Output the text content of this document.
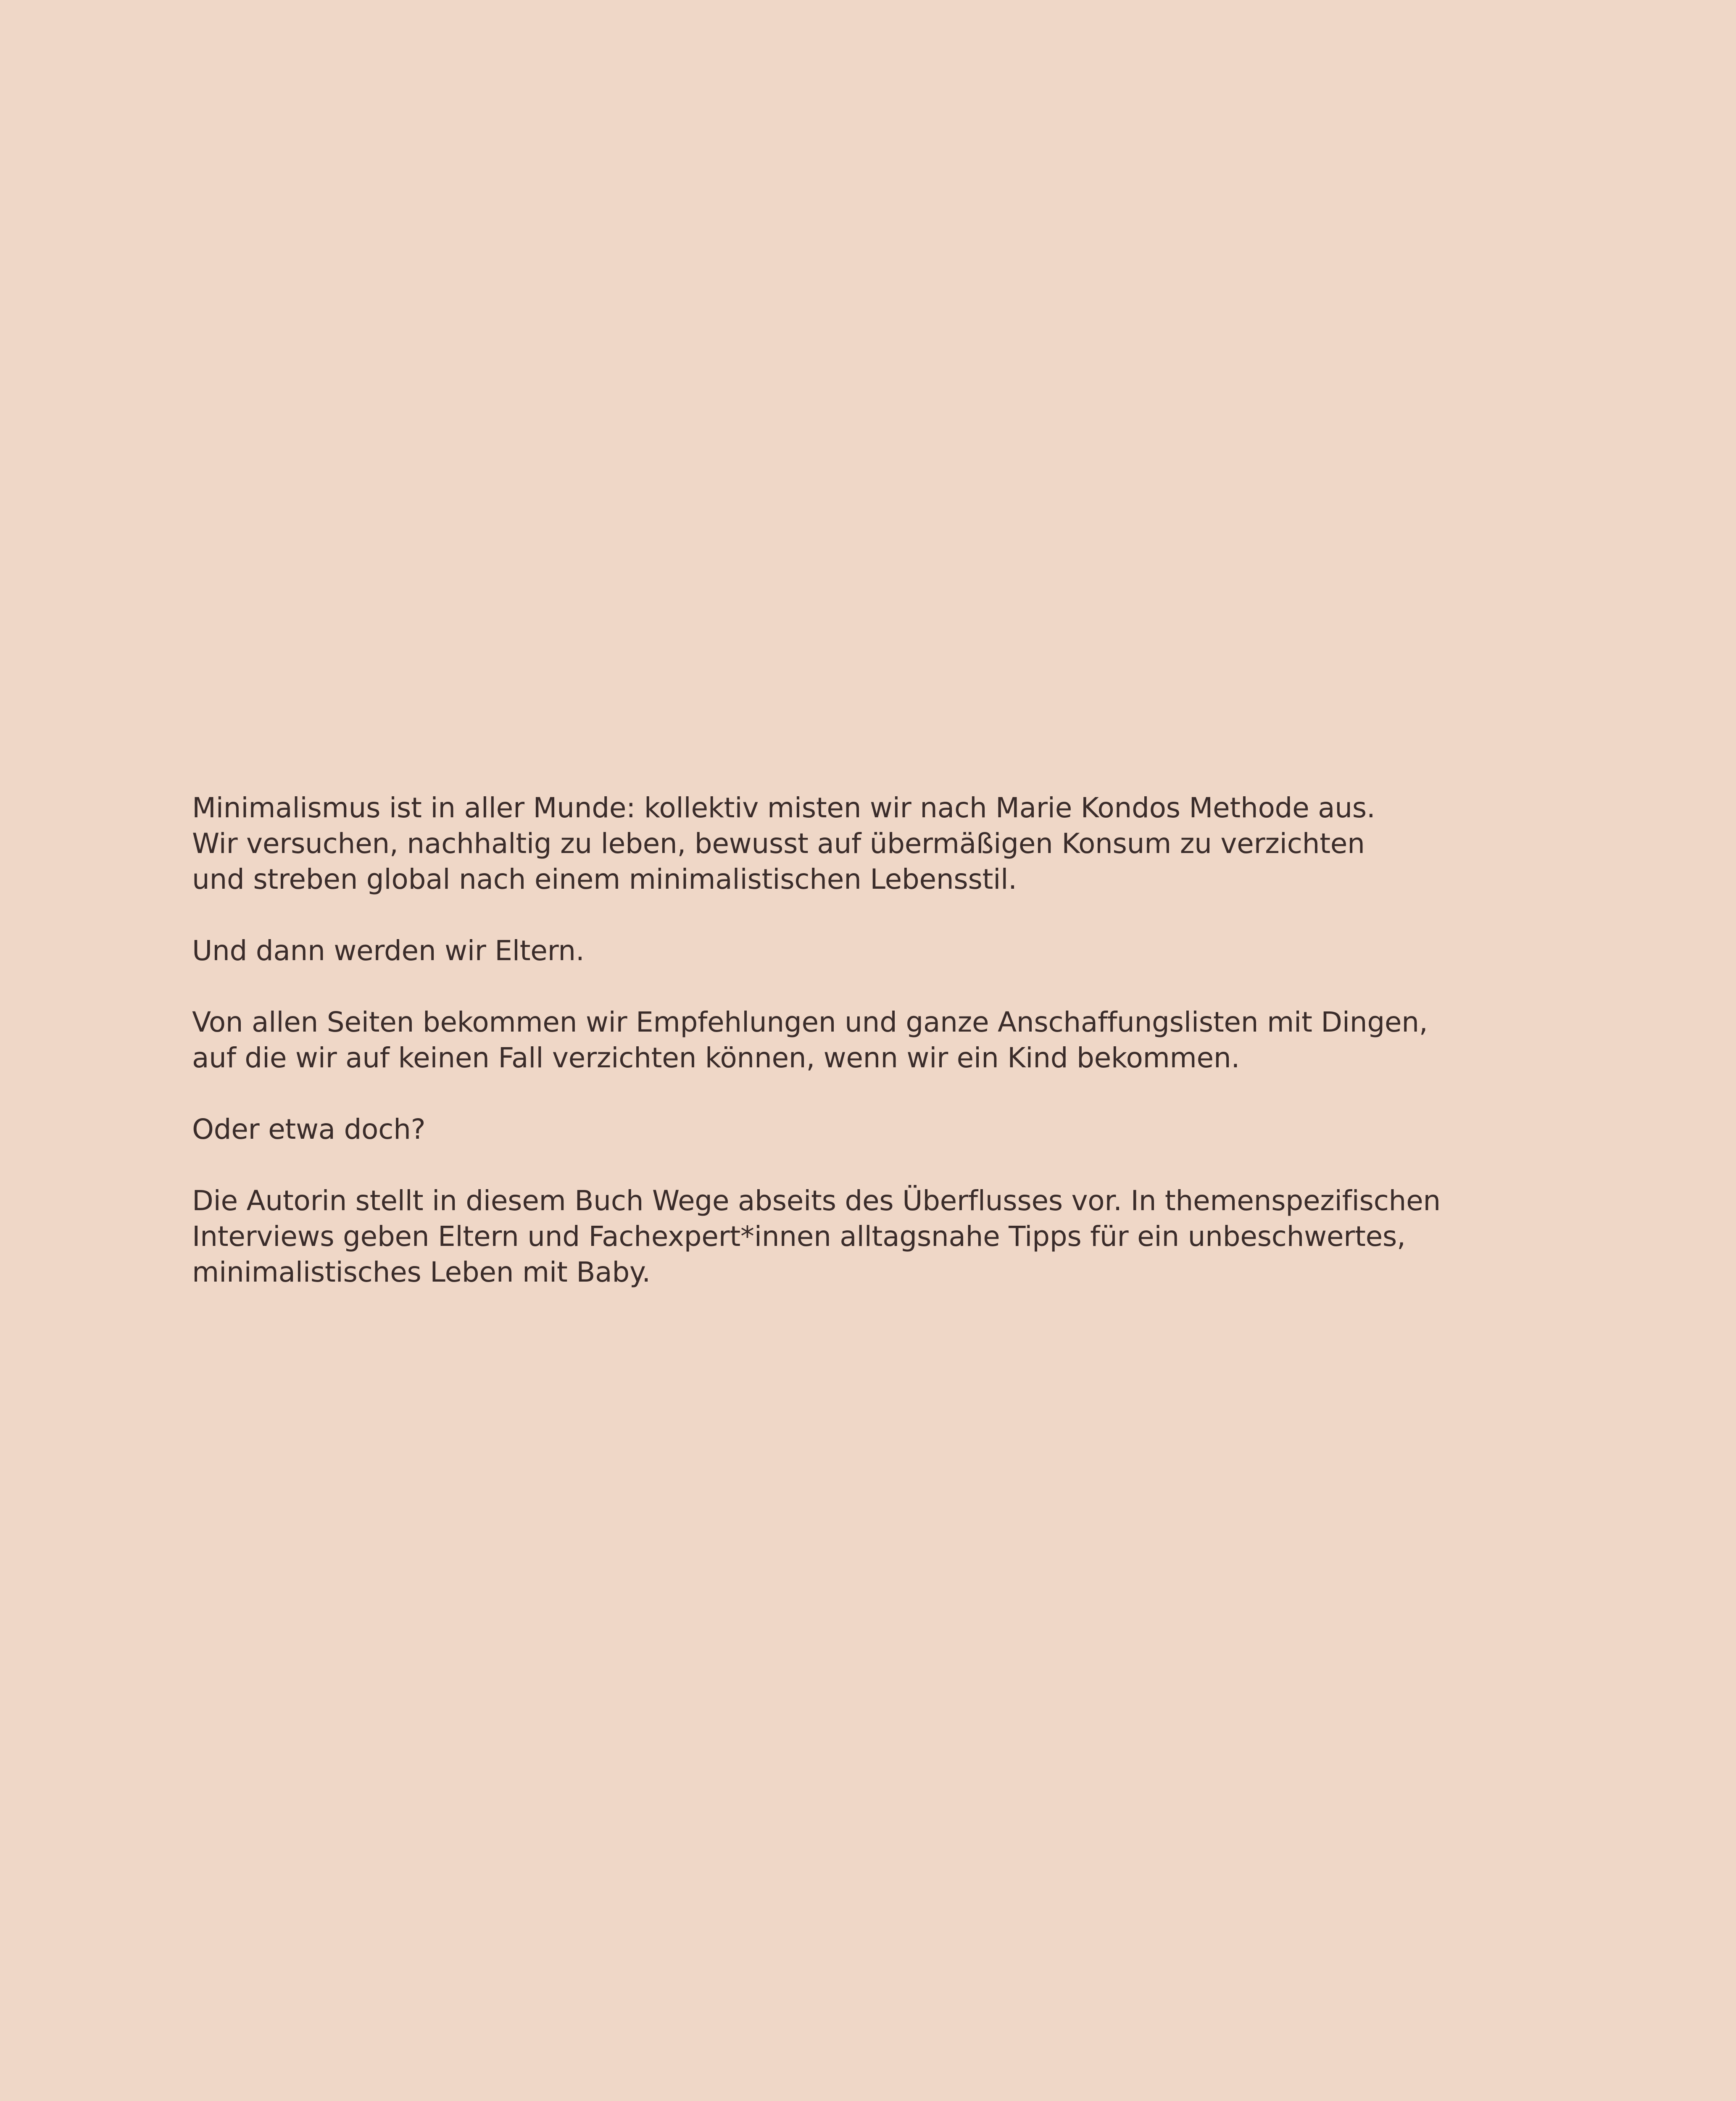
Minimalismus ist in aller Munde: kollektiv misten wir nach Marie Kondos Methode aus.
Wir versuchen, nachhaltig zu leben, bewusst auf übermäßigen Konsum zu verzichten
und streben global nach einem minimalistischen Lebensstil.

Und dann werden wir Eltern.

Von allen Seiten bekommen wir Empfehlungen und ganze Anschaffungslisten mit Dingen,
auf die wir auf keinen Fall verzichten können, wenn wir ein Kind bekommen.

Oder etwa doch?

Die Autorin stellt in diesem Buch Wege abseits des Überflusses vor. In themenspezifischen
Interviews geben Eltern und Fachexpert*innen alltagsnahe Tipps für ein unbeschwertes,
minimalistisches Leben mit Baby.
